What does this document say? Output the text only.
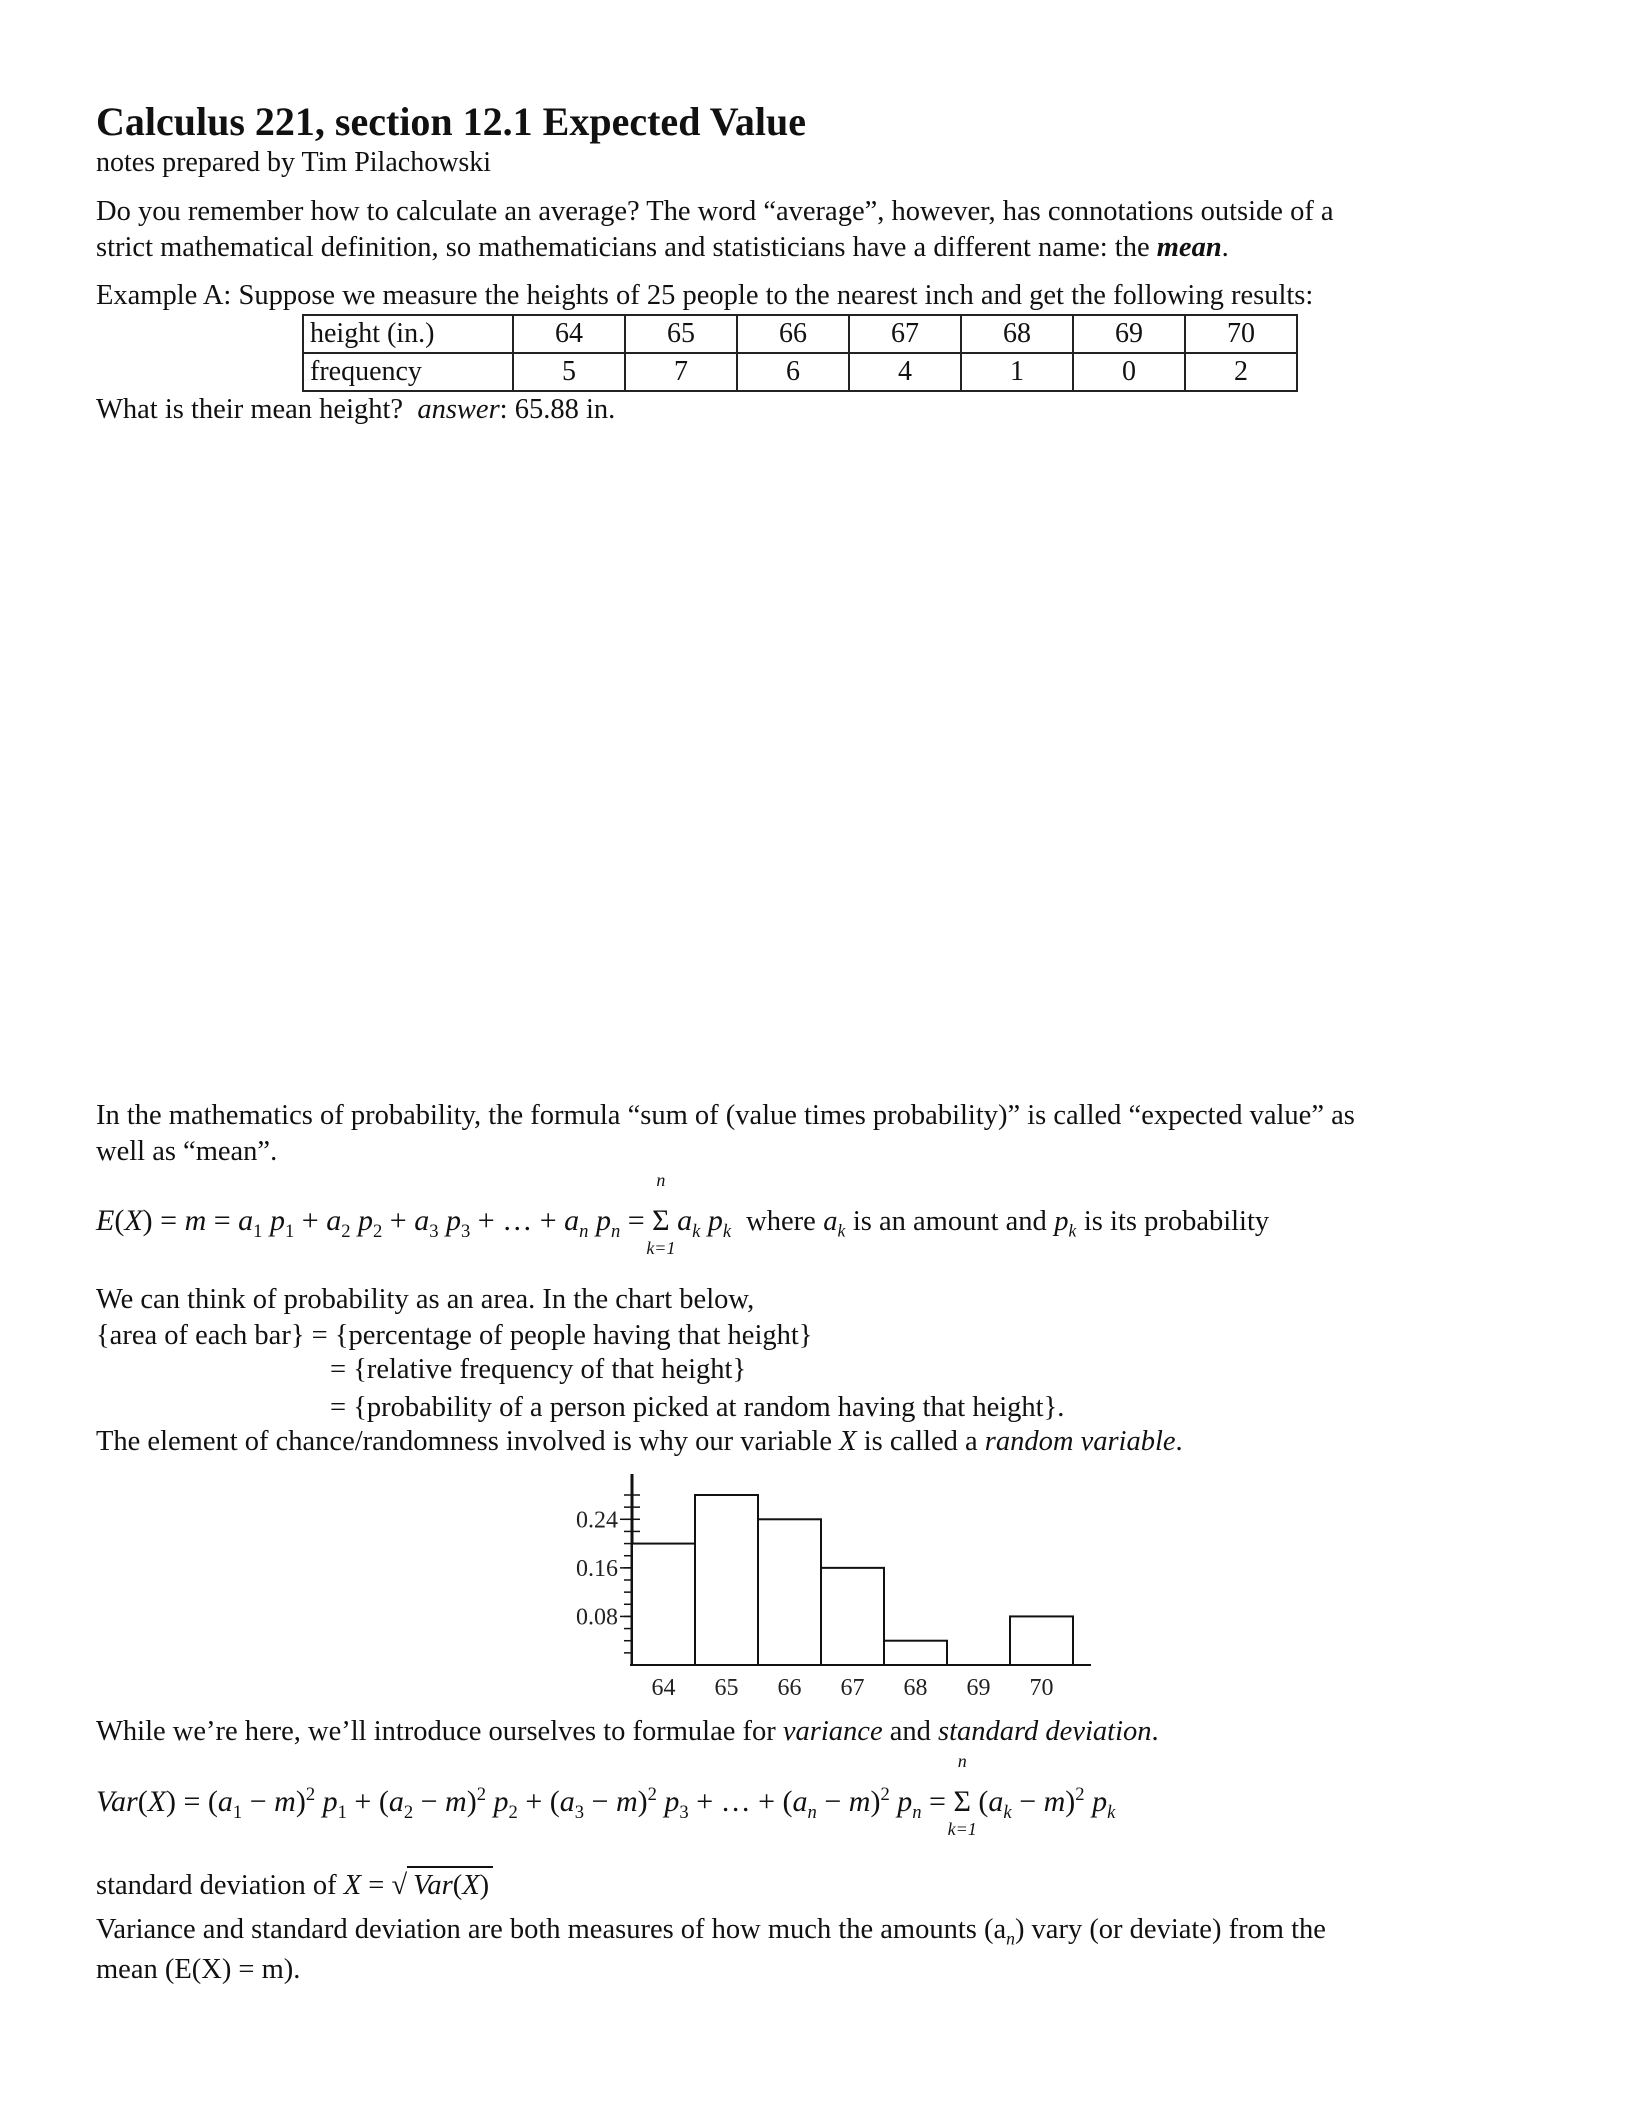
Calculus 221, section 12.1 Expected Value
notes prepared by Tim Pilachowski
Do you remember how to calculate an average? The word “average”, however, has connotations outside of a
strict mathematical definition, so mathematicians and statisticians have a different name: the mean.
Example A: Suppose we measure the heights of 25 people to the nearest inch and get the following results:
height (in.)	64	65	66	67	68	69	70
frequency	5	7	6	4	1	0	2
What is their mean height? answer: 65.88 in.
In the mathematics of probability, the formula “sum of (value times probability)” is called “expected value” as
well as “mean”.
$E(X) = m = a_1$ $p_1 + a_2$ $p_2 + a_3$ $p_3$ + … + $a_n$ $p_n$ =
n
Σ
k=1
$a_k$ $p_k$ where $a_k$ is an amount and $p_k$ is its probability
We can think of probability as an area. In the chart below,
{area of each bar} = {percentage of people having that height}
= {relative frequency of that height}
= {probability of a person picked at random having that height}.
The element of chance/randomness involved is why our variable X is called a random variable.
0.24
0.16
0.08
64 65 66 67 68 69 70
While we’re here, we’ll introduce ourselves to formulae for variance and standard deviation.
$Var(X) = (a_1 - m)^2$ $p_1 + (a_2 - m)^2$ $p_2 + (a_3 - m)^2$ $p_3$ + … + $(a_n - m)^2$ $p_n$ =
n
Σ
k=1
$(a_k - m)^2$ $p_k$
standard deviation of X = √ Var(X)
Variance and standard deviation are both measures of how much the amounts $(a_n)$ vary (or deviate) from the
mean (E(X) = m).
